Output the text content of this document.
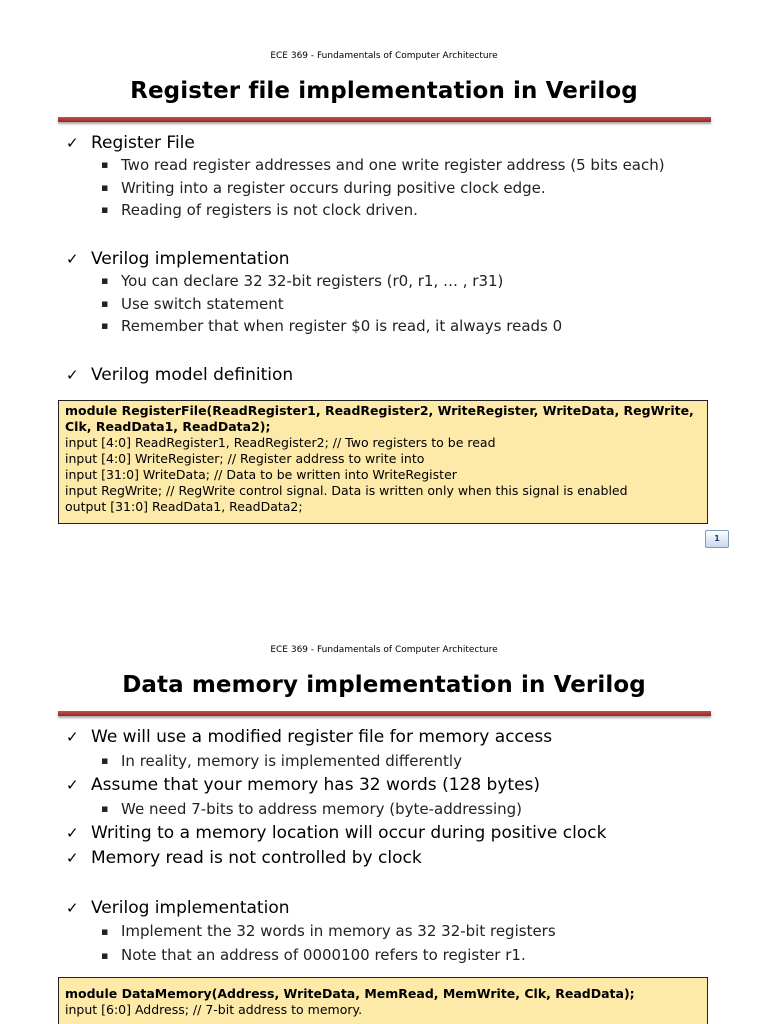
ECE 369 - Fundamentals of Computer Architecture
Register file implementation in Verilog
✓ Register File
▪ Two read register addresses and one write register address (5 bits each)
▪ Writing into a register occurs during positive clock edge.
▪ Reading of registers is not clock driven.
✓ Verilog implementation
▪ You can declare 32 32-bit registers (r0, r1, … , r31)
▪ Use switch statement
▪ Remember that when register $0 is read, it always reads 0
✓ Verilog model definition
module RegisterFile(ReadRegister1, ReadRegister2, WriteRegister, WriteData, RegWrite, Clk, ReadData1, ReadData2);
input [4:0] ReadRegister1, ReadRegister2; // Two registers to be read
input [4:0] WriteRegister; // Register address to write into
input [31:0] WriteData; // Data to be written into WriteRegister
input RegWrite; // RegWrite control signal. Data is written only when this signal is enabled
output [31:0] ReadData1, ReadData2;
1
ECE 369 - Fundamentals of Computer Architecture
Data memory implementation in Verilog
✓ We will use a modified register file for memory access
▪ In reality, memory is implemented differently
✓ Assume that your memory has 32 words (128 bytes)
▪ We need 7-bits to address memory (byte-addressing)
✓ Writing to a memory location will occur during positive clock
✓ Memory read is not controlled by clock
✓ Verilog implementation
▪ Implement the 32 words in memory as 32 32-bit registers
▪ Note that an address of 0000100 refers to register r1.
module DataMemory(Address, WriteData, MemRead, MemWrite, Clk, ReadData);
input [6:0] Address; // 7-bit address to memory.
